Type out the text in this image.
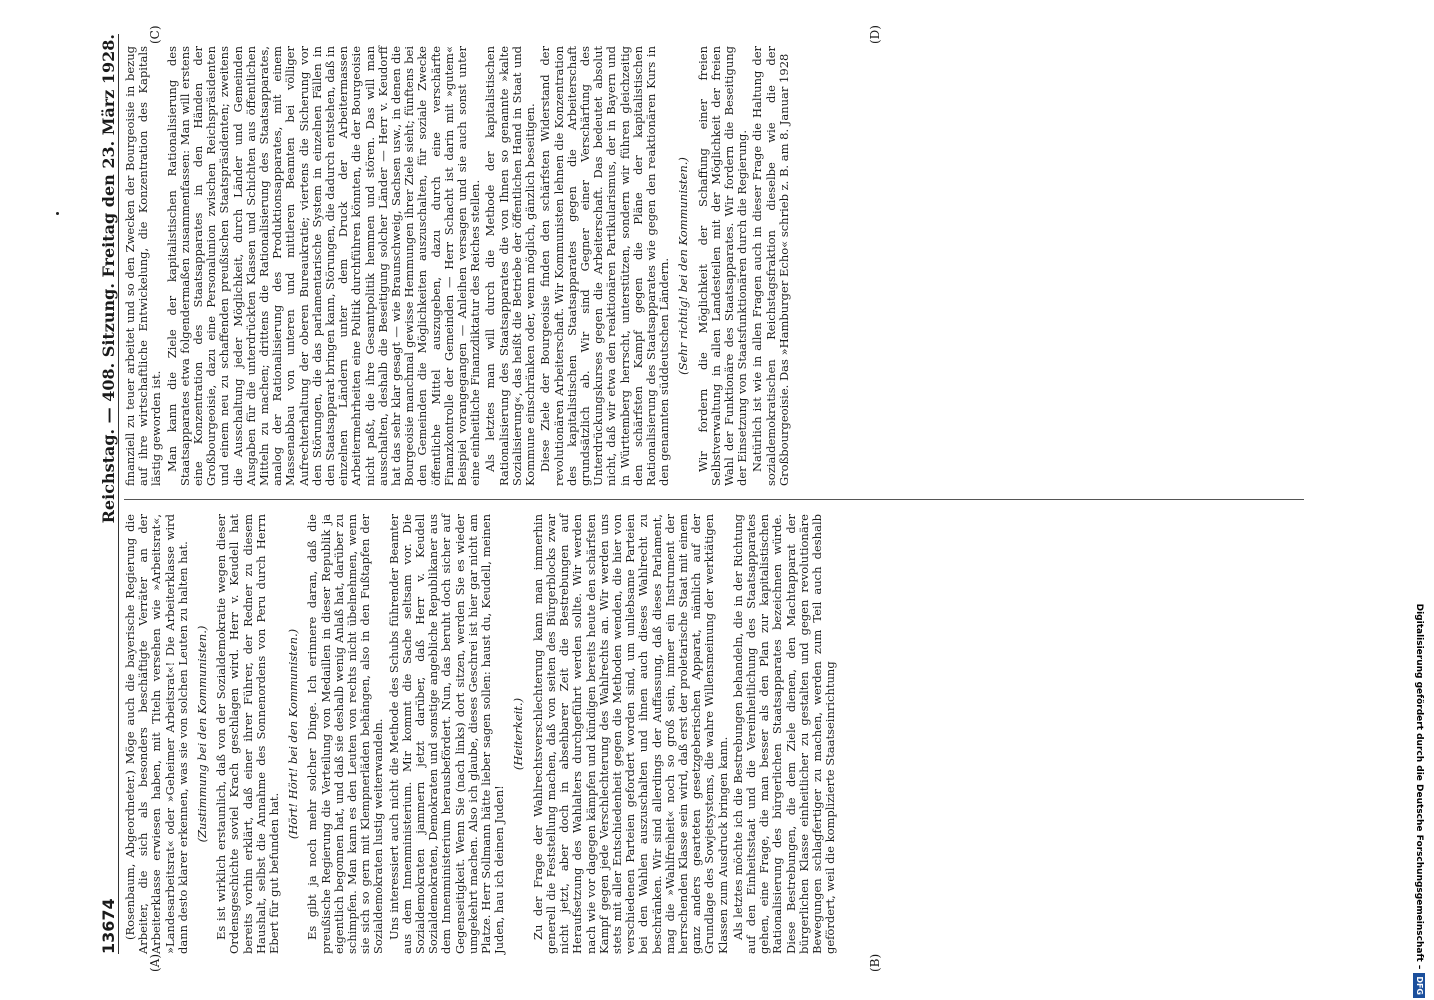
13674
Reichstag. — 408. Sitzung. Freitag den 23. März 1928.

(Rosenbaum, Abgeordneter.) Möge auch die bayerische Regierung die Arbeiter, die sich als besonders beschäftigte Verräter an der Arbeiterklasse erwiesen haben, mit Titeln versehen wie »Arbeitsrat«, »Landesarbeitsrat« oder »Geheimer Arbeitsrat«! Die Arbeiterklasse wird dann desto klarer erkennen, was sie von solchen Leuten zu halten hat. (Zustimmung bei den Kommunisten.) Es ist wirklich erstaunlich, daß von der Sozialdemokratie wegen dieser Ordensgeschichte soviel Krach geschlagen wird. Herr v. Keudell hat bereits vorhin erklärt, daß einer ihrer Führer, der Redner zu diesem Haushalt, selbst die Annahme des Sonnenordens von Peru durch Herrn Ebert für gut befunden hat.

(Hört! Hört! bei den Kommunisten.) Es gibt ja noch mehr solcher Dinge. Ich erinnere daran, daß die preußische Regierung die Verteilung von Medaillen in dieser Republik ja eigentlich begonnen hat, und daß sie deshalb wenig Anlaß hat, darüber zu schimpfen. Man kann es den Leuten von rechts nicht übelnehmen, wenn sie sich so gern mit Klempnerläden behängen, also in den Fußtapfen der Sozialdemokraten lustig weiterwandeln. Uns interessiert auch nicht die Methode des Schubs führender Beamter aus dem Innenministerium. Mir kommt die Sache seltsam vor. Die Sozialdemokraten jammern jetzt darüber, daß Herr v. Keudell Sozialdemokraten, Demokraten und sonstige angebliche Republikaner aus dem Innenministerium herausbefördert. Nun, das beruht doch sicher auf Gegenseitigkeit. Wenn Sie (nach links) dort sitzen, werden Sie es wieder umgekehrt machen. Also ich glaube, dieses Geschrei ist hier gar nicht am Platze. Herr Sollmann hätte lieber sagen sollen: haust du, Keudell, meinen Juden, hau ich deinen Juden!

(Heiterkeit.) Zu der Frage der Wahlrechtsverschlechterung kann man immerhin generell die Feststellung machen, daß von seiten des Bürgerblocks zwar nicht jetzt, aber doch in absehbarer Zeit die Bestrebungen auf Heraufsetzung des Wahlalters durchgeführt werden sollte. Wir werden nach wie vor dagegen kämpfen und kündigen bereits heute den schärfsten Kampf gegen jede Verschlechterung des Wahlrechts an. Wir werden uns stets mit aller Entschiedenheit gegen die Methoden wenden, die hier von verschiedenen Parteien gefordert worden sind, um unliebsame Parteien bei den Wahlen auszuschalten und ihnen auch dieses Wahlrecht zu beschränken. Wir sind allerdings der Auffassung, daß dieses Parlament, mag die »Wahlfreiheit« noch so groß sein, immer ein Instrument der herrschenden Klasse sein wird, daß erst der proletarische Staat mit einem ganz anders gearteten gesetzgeberischen Apparat, nämlich auf der Grundlage des Sowjetsystems, die wahre Willensmeinung der werktätigen Klassen zum Ausdruck bringen kann. Als letztes möchte ich die Bestrebungen behandeln, die in der Richtung auf den Einheitsstaat und die Vereinheitlichung des Staatsapparates gehen, eine Frage, die man besser als den Plan zur kapitalistischen Rationalisierung des bürgerlichen Staatsapparates bezeichnen würde. Diese Bestrebungen, die dem Ziele dienen, den Machtapparat der bürgerlichen Klasse einheitlicher zu gestalten und gegen revolutionäre Bewegungen schlagfertiger zu machen, werden zum Teil auch deshalb gefördert, weil die komplizierte Staatseinrichtung

finanziell zu teuer arbeitet und so den Zwecken der Bourgeoisie in bezug auf ihre wirtschaftliche Entwickelung, die Konzentration des Kapitals lästig geworden ist. Man kann die Ziele der kapitalistischen Rationalisierung des Staatsapparates etwa folgendermaßen zusammenfassen: Man will erstens eine Konzentration des Staatsapparates in den Händen der Großbourgeoisie, dazu eine Personalunion zwischen Reichspräsidenten und einem neu zu schaffenden preußischen Staatspräsidenten; zweitens die Ausschaltung jeder Möglichkeit, durch Länder und Gemeinden Ausgaben für die unterdrückten Klassen und Schichten aus öffentlichen Mitteln zu machen; drittens die Rationalisierung des Staatsapparates, analog der Rationalisierung des Produktionsapparates, mit einem Massenabbau von unteren und mittleren Beamten bei völliger Aufrechterhaltung der oberen Bureaukratie; viertens die Sicherung vor den Störungen, die das parlamentarische System in einzelnen Fällen in den Staatsapparat bringen kann, Störungen, die dadurch entstehen, daß in einzelnen Ländern unter dem Druck der Arbeitermassen Arbeitermehrheiten eine Politik durchführen könnten, die der Bourgeoisie nicht paßt, die ihre Gesamtpolitik hemmen und stören. Das will man ausschalten, deshalb die Beseitigung solcher Länder — Herr v. Keudorff hat das sehr klar gesagt — wie Braunschweig, Sachsen usw., in denen die Bourgeoisie manchmal gewisse Hemmungen ihrer Ziele sieht; fünftens bei den Gemeinden die Möglichkeiten auszuschalten, für soziale Zwecke öffentliche Mittel auszugeben, dazu durch eine verschärfte Finanzkontrolle der Gemeinden — Herr Schacht ist darin mit »gutem« Beispiel vorangegangen — Anleihen versagen und sie auch sonst unter eine einheitliche Finanzdiktatur des Reiches stellen. Als letztes man will durch die Methode der kapitalistischen Rationalisierung des Staatsapparates die von Ihnen so genannte »kalte Sozialisierung«, das heißt die Betriebe der öffentlichen Hand in Staat und Kommune einschränken oder, wenn möglich, gänzlich beseitigen. Diese Ziele der Bourgeoisie finden den schärfsten Widerstand der revolutionären Arbeiterschaft. Wir Kommunisten lehnen die Konzentration des kapitalistischen Staatsapparates gegen die Arbeiterschaft grundsätzlich ab. Wir sind Gegner einer Verschärfung des Unterdrückungskurses gegen die Arbeiterschaft. Das bedeutet absolut nicht, daß wir etwa den reaktionären Partikularismus, der in Bayern und in Württemberg herrscht, unterstützen, sondern wir führen gleichzeitig den schärfsten Kampf gegen die Pläne der kapitalistischen Rationalisierung des Staatsapparates wie gegen den reaktionären Kurs in den genannten süddeutschen Ländern. (Sehr richtig! bei den Kommunisten.) Wir fordern die Möglichkeit der Schaffung einer freien Selbstverwaltung in allen Landesteilen mit der Möglichkeit der freien Wahl der Funktionäre des Staatsapparates. Wir fordern die Beseitigung der Einsetzung von Staatsfunktionären durch die Regierung. Natürlich ist wie in allen Fragen auch in dieser Frage die Haltung der sozialdemokratischen Reichstagsfraktion dieselbe wie die der Großbourgeoisie. Das »Hamburger Echo« schrieb z. B. am 8. Januar 1928

(A)	(B)
(C)	(D)
Digitalisierung gefördert durch die Deutsche Forschungsgemeinschaft –DFG
